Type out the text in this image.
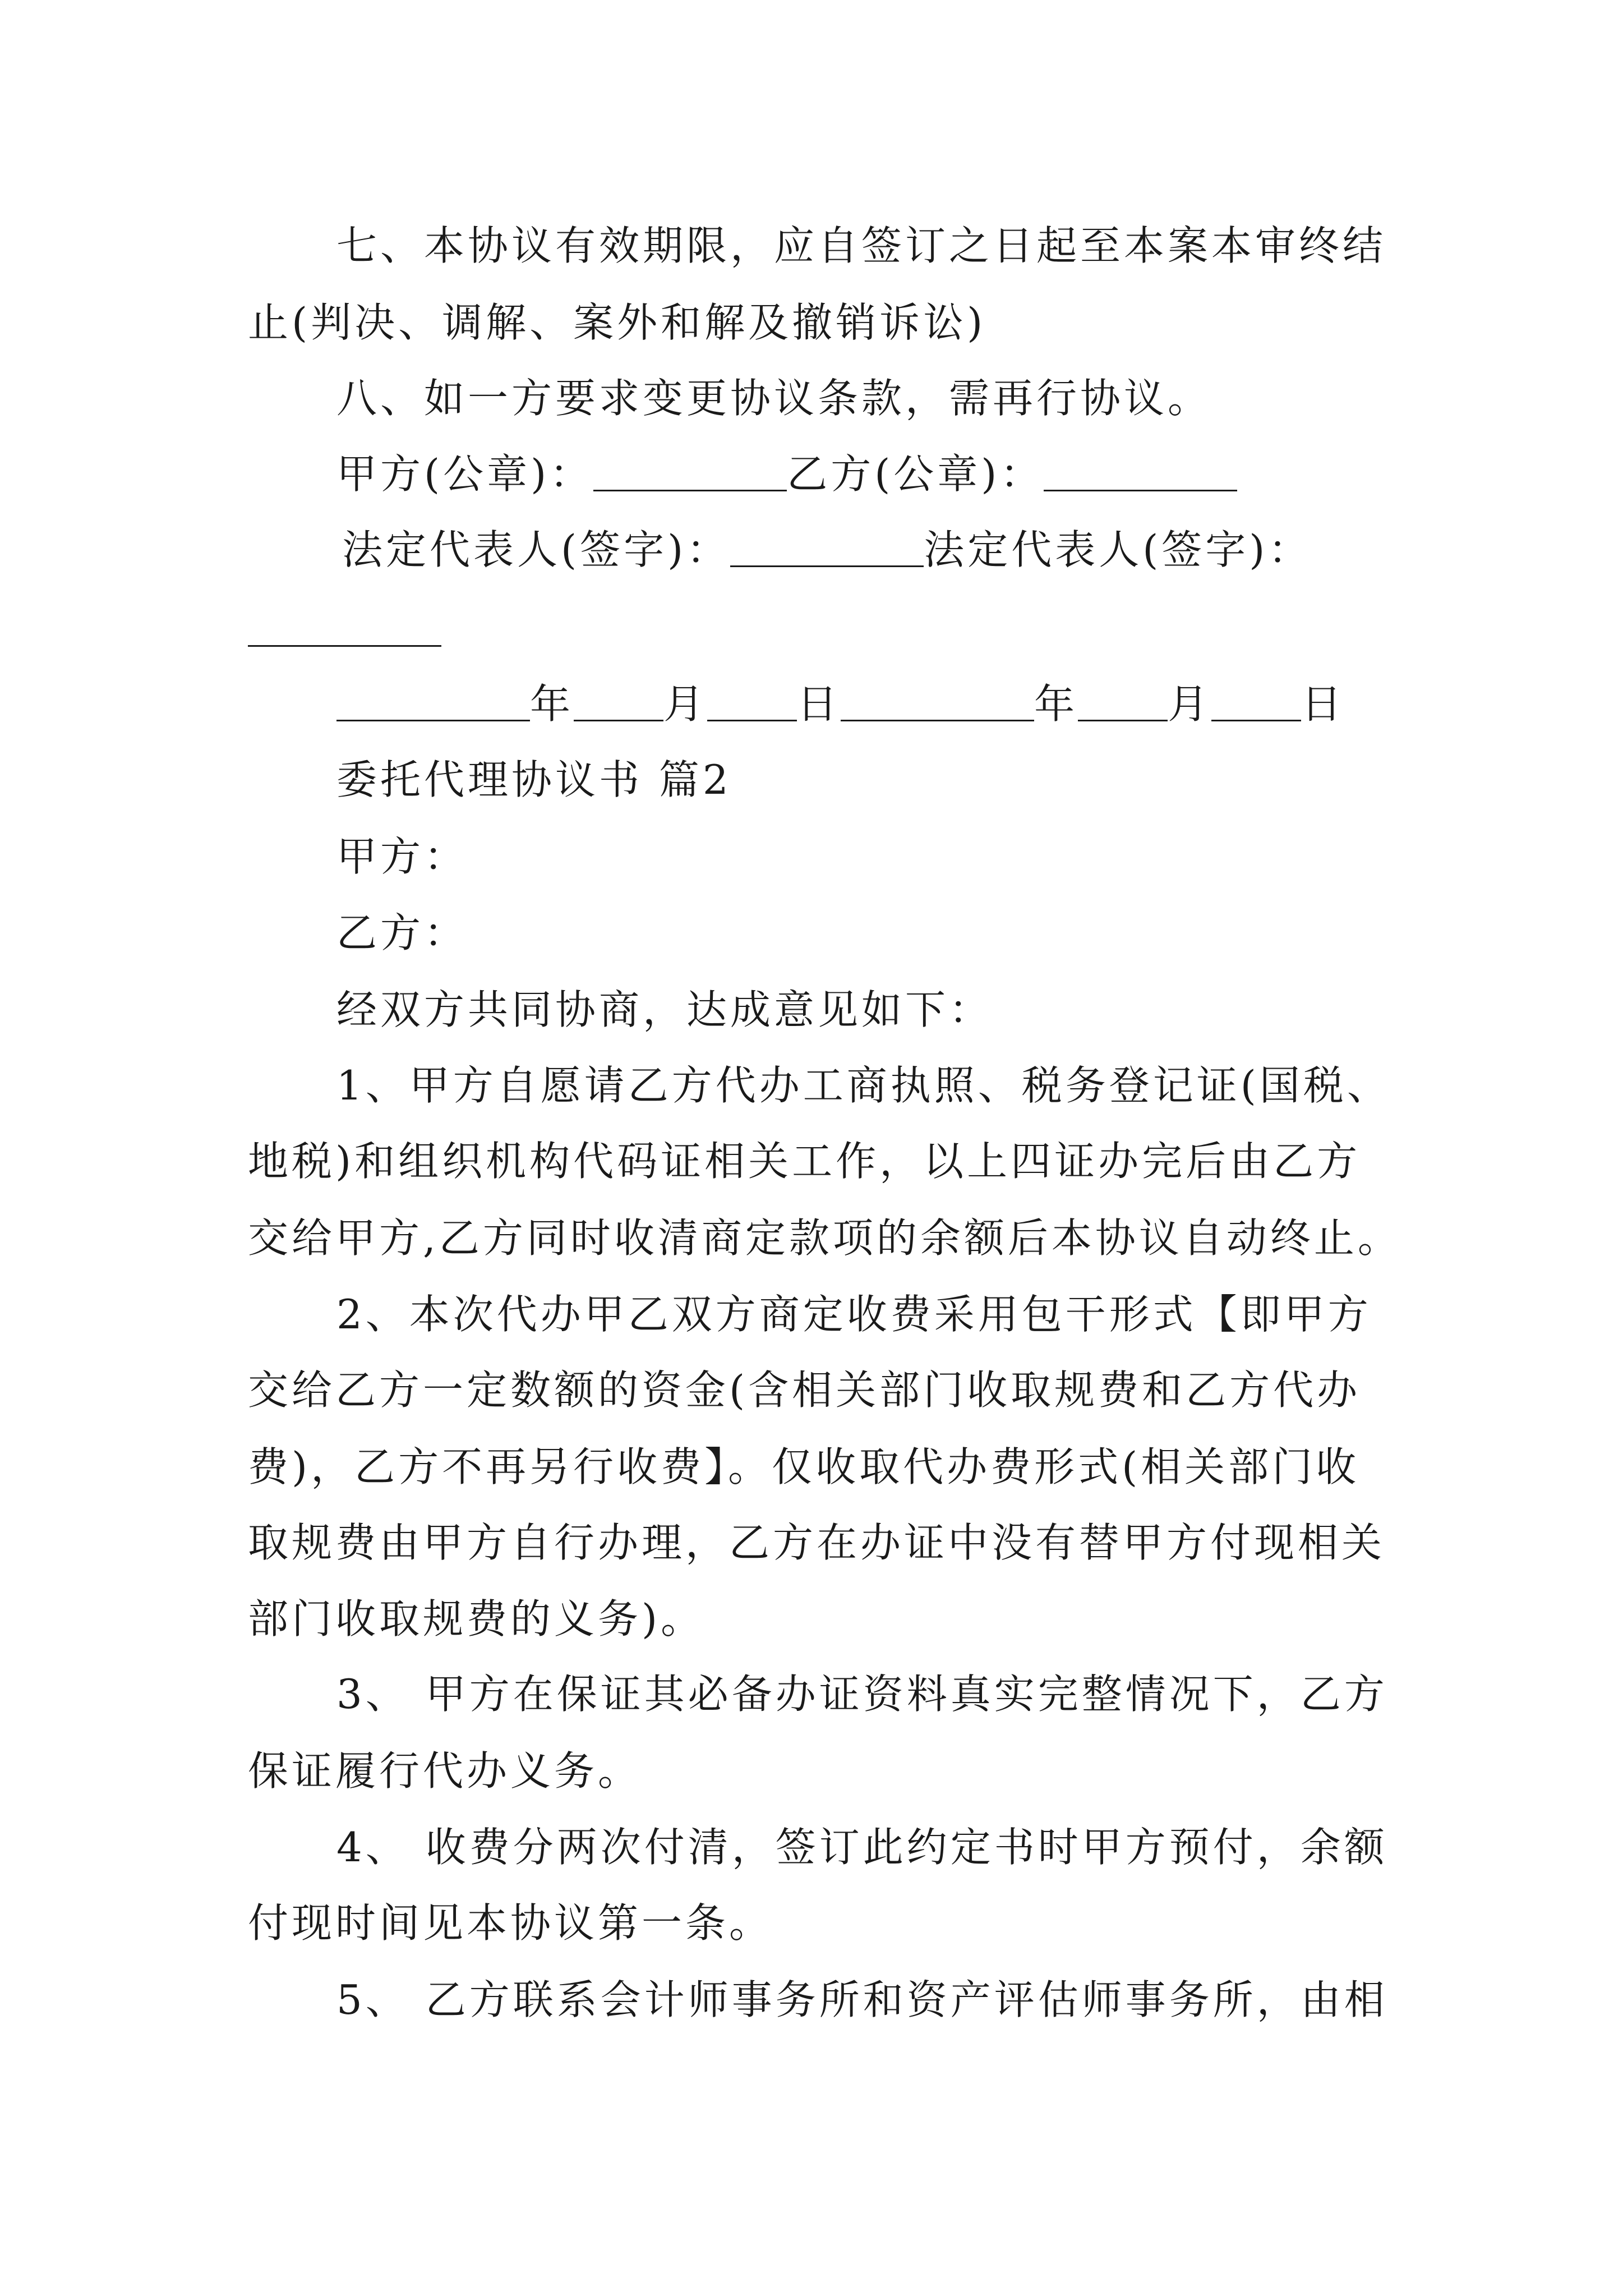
七、本协议有效期限，应自签订之日起至本案本审终结
止(判决、调解、案外和解及撤销诉讼)
八、如一方要求变更协议条款，需再行协议。
甲方(公章)：	乙方(公章)：
法定代表人(签字)：	法定代表人(签字)：
年 月 日	年 月 日
委托代理协议书 篇2
甲方：
乙方：
经双方共同协商，达成意见如下：
1、甲方自愿请乙方代办工商执照、税务登记证(国税、
地税)和组织机构代码证相关工作，以上四证办完后由乙方
交给甲方,乙方同时收清商定款项的余额后本协议自动终止。
2、本次代办甲乙双方商定收费采用包干形式【即甲方
交给乙方一定数额的资金(含相关部门收取规费和乙方代办
费)，乙方不再另行收费】。仅收取代办费形式(相关部门收
取规费由甲方自行办理，乙方在办证中没有替甲方付现相关
部门收取规费的义务)。
3、 甲方在保证其必备办证资料真实完整情况下，乙方
保证履行代办义务。
4、 收费分两次付清，签订此约定书时甲方预付，余额
付现时间见本协议第一条。
5、 乙方联系会计师事务所和资产评估师事务所，由相
